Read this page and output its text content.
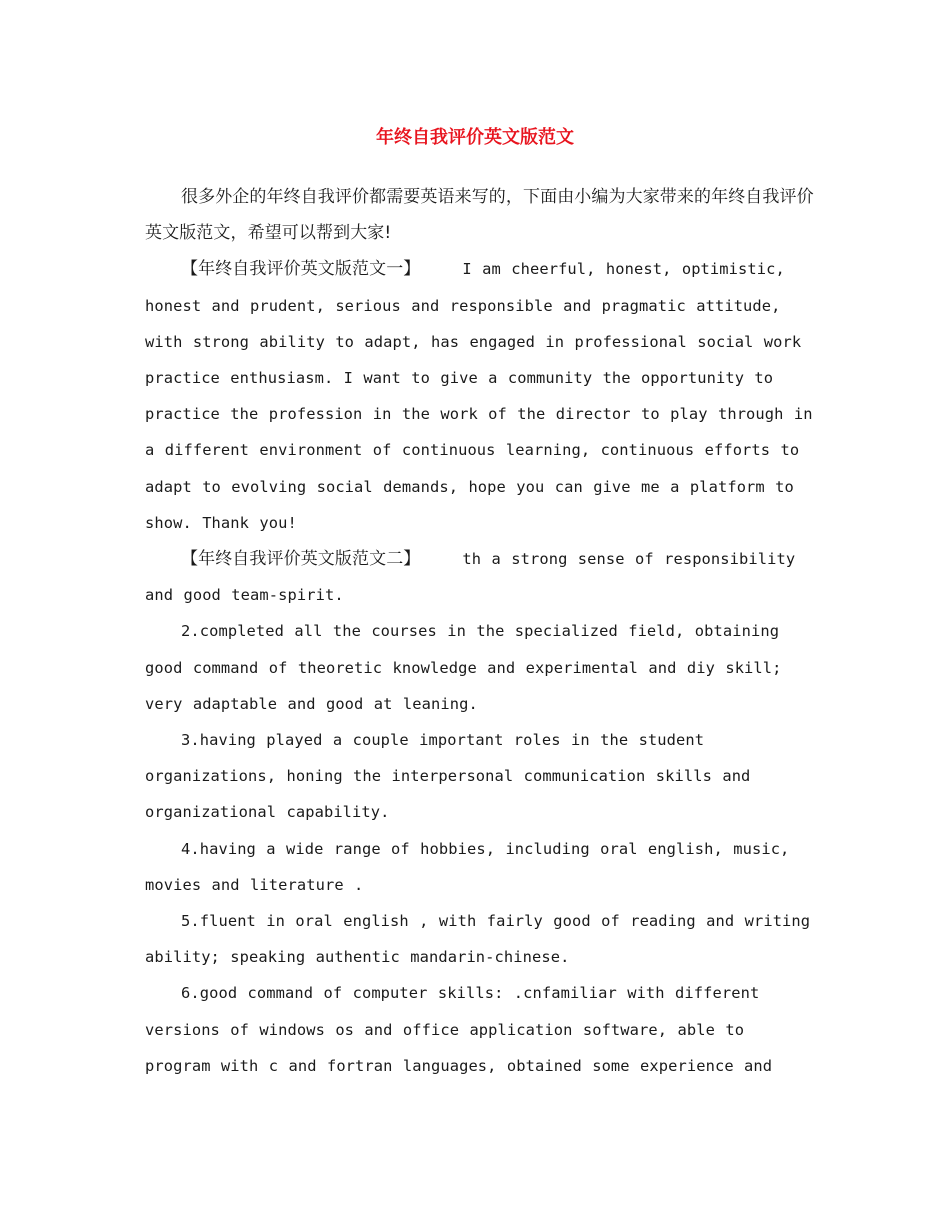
年终自我评价英文版范文

很多外企的年终自我评价都需要英语来写的，下面由小编为大家带来的年终自我评价英文版范文，希望可以帮到大家!

【年终自我评价英文版范文一】	I am cheerful, honest, optimistic, honest and prudent, serious and responsible and pragmatic attitude, with strong ability to adapt, has engaged in professional social work practice enthusiasm. I want to give a community the opportunity to practice the profession in the work of the director to play through in a different environment of continuous learning, continuous efforts to adapt to evolving social demands, hope you can give me a platform to show. Thank you!

【年终自我评价英文版范文二】	th a strong sense of responsibility and good team-spirit.

2.completed all the courses in the specialized field, obtaining good command of theoretic knowledge and experimental and diy skill; very adaptable and good at leaning.

3.having played a couple important roles in the student organizations, honing the interpersonal communication skills and organizational capability.

4.having a wide range of hobbies, including oral english, music, movies and literature .

5.fluent in oral english , with fairly good of reading and writing ability; speaking authentic mandarin-chinese.

6.good command of computer skills: .cnfamiliar with different versions of windows os and office application software, able to program with c and fortran languages, obtained some experience and
